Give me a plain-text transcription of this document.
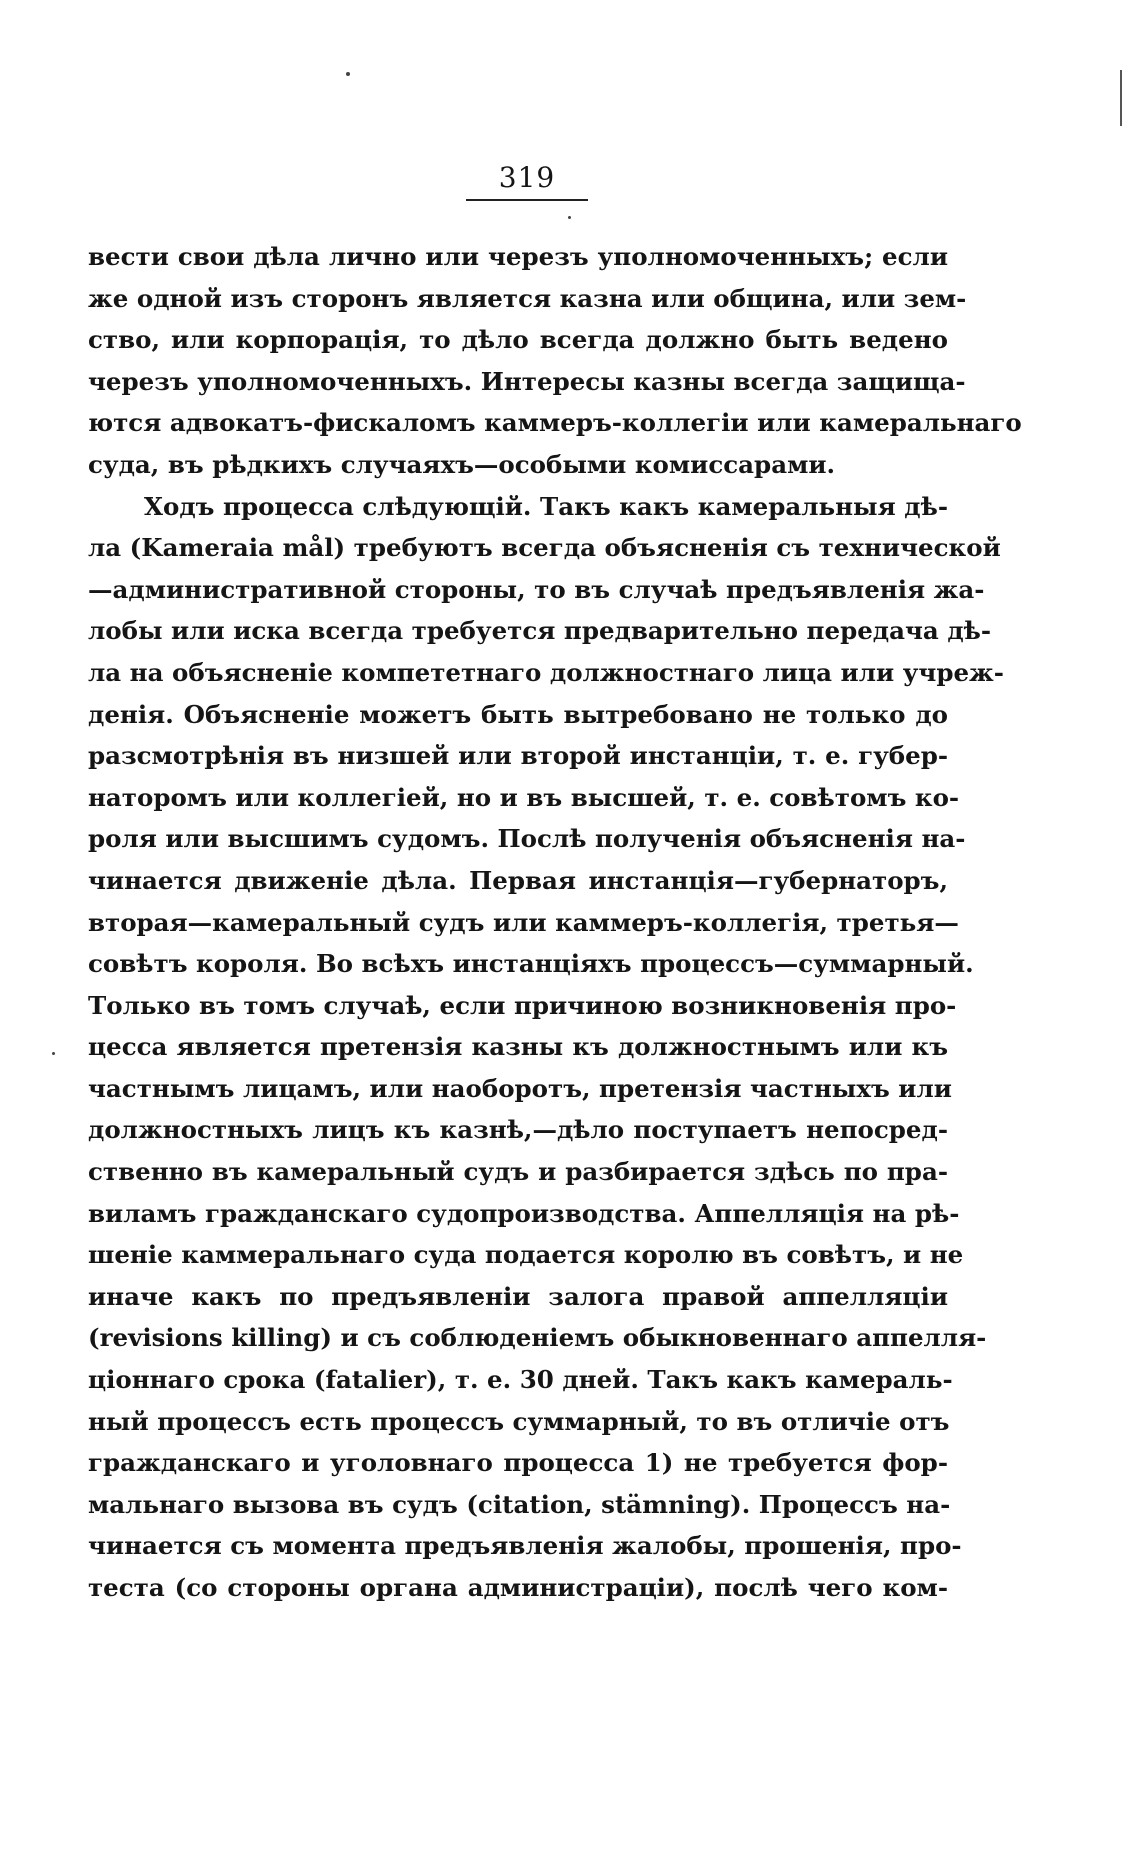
319
вести свои дѣла лично или черезъ уполномоченныхъ; если
же одной изъ сторонъ является казна или община, или зем-
ство, или корпорація, то дѣло всегда должно быть ведено
черезъ уполномоченныхъ. Интересы казны всегда защища-
ются адвокатъ-фискаломъ каммеръ-коллегіи или камеральнаго
суда, въ рѣдкихъ случаяхъ—особыми комиссарами.
Ходъ процесса слѣдующій. Такъ какъ камеральныя дѣ-
ла (Kameraia mål) требуютъ всегда объясненія съ технической
—административной стороны, то въ случаѣ предъявленія жа-
лобы или иска всегда требуется предварительно передача дѣ-
ла на объясненіе компететнаго должностнаго лица или учреж-
денія. Объясненіе можетъ быть вытребовано не только до
разсмотрѣнія въ низшей или второй инстанціи, т. е. губер-
наторомъ или коллегіей, но и въ высшей, т. е. совѣтомъ ко-
роля или высшимъ судомъ. Послѣ полученія объясненія на-
чинается движеніе дѣла. Первая инстанція—губернаторъ,
вторая—камеральный судъ или каммеръ-коллегія, третья—
совѣтъ короля. Во всѣхъ инстанціяхъ процессъ—суммарный.
Только въ томъ случаѣ, если причиною возникновенія про-
цесса является претензія казны къ должностнымъ или къ
частнымъ лицамъ, или наоборотъ, претензія частныхъ или
должностныхъ лицъ къ казнѣ,—дѣло поступаетъ непосред-
ственно въ камеральный судъ и разбирается здѣсь по пра-
виламъ гражданскаго судопроизводства. Аппелляція на рѣ-
шеніе каммеральнаго суда подается королю въ совѣтъ, и не
иначе какъ по предъявленіи залога правой аппелляціи
(revisions killing) и съ соблюденіемъ обыкновеннаго аппелля-
ціоннаго срока (fatalier), т. е. 30 дней. Такъ какъ камераль-
ный процессъ есть процессъ суммарный, то въ отличіе отъ
гражданскаго и уголовнаго процесса 1) не требуется фор-
мальнаго вызова въ судъ (citation, stämning). Процессъ на-
чинается съ момента предъявленія жалобы, прошенія, про-
теста (со стороны органа администраціи), послѣ чего ком-
